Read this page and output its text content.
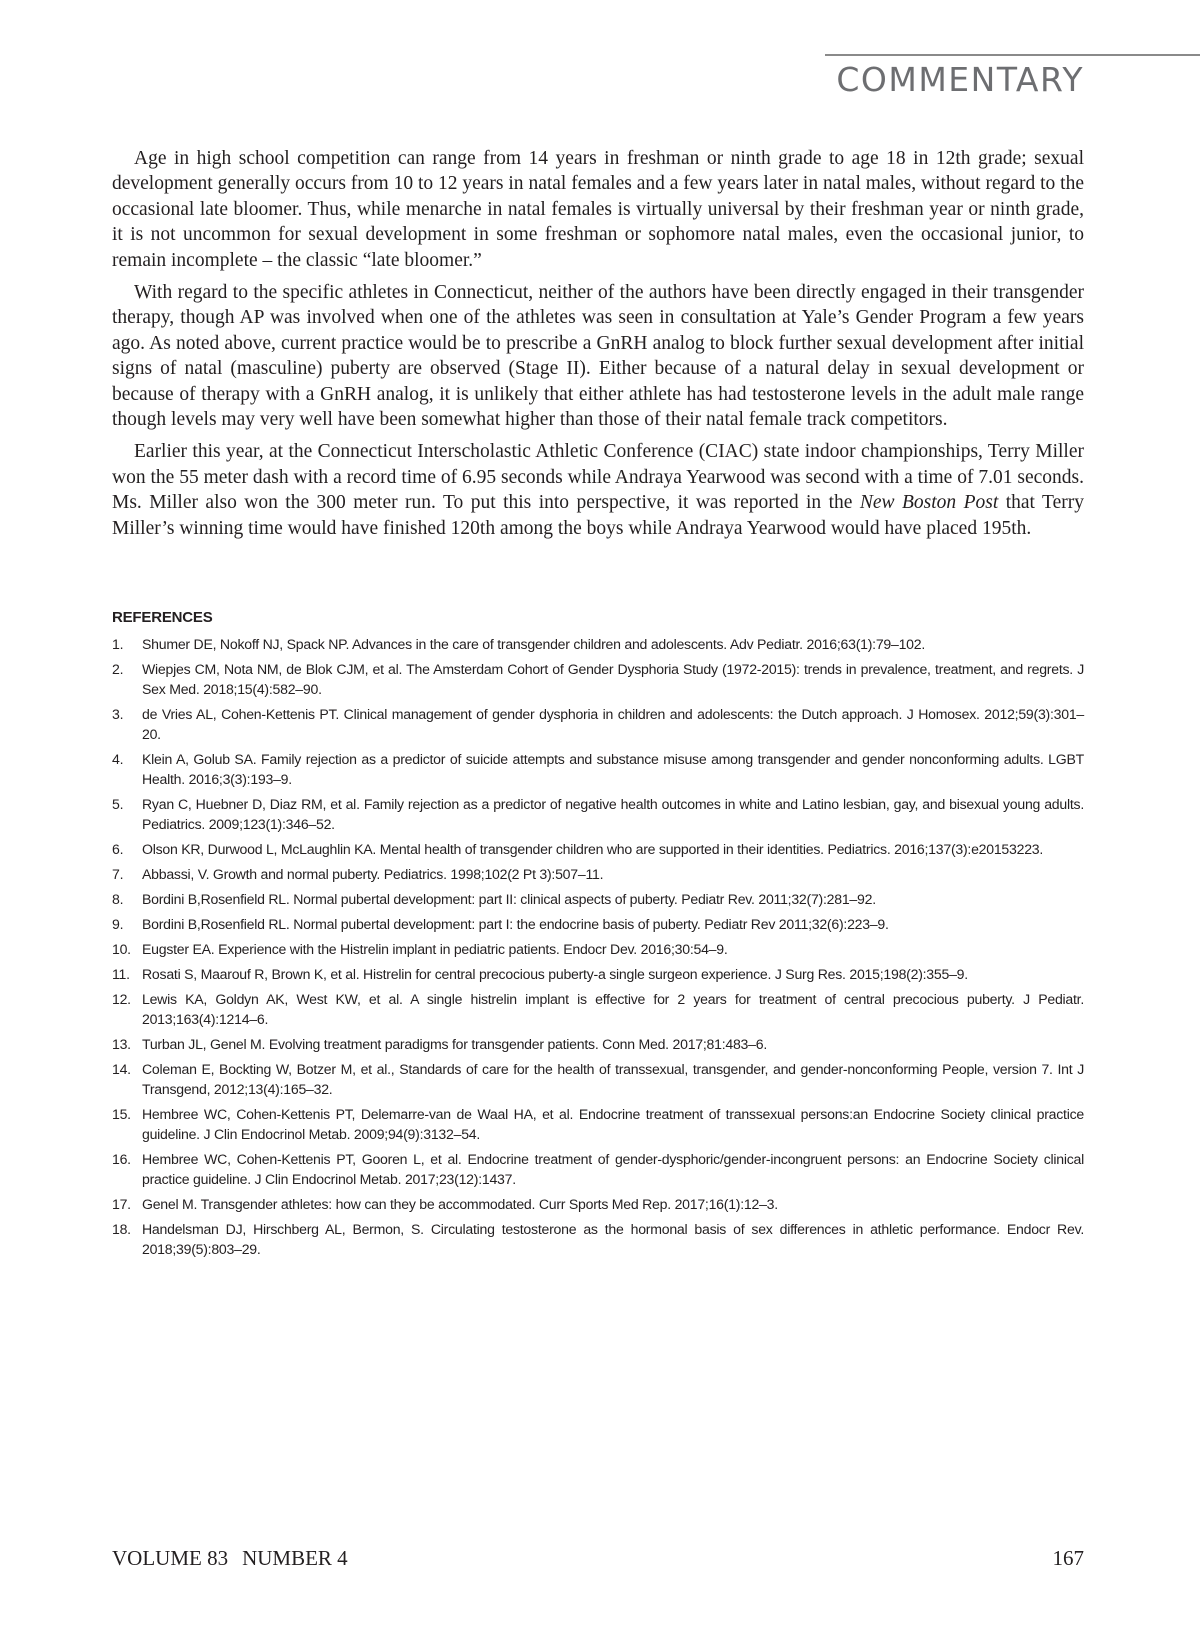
COMMENTARY

Age in high school competition can range from 14 years in freshman or ninth grade to age 18 in 12th grade; sexual development generally occurs from 10 to 12 years in natal females and a few years later in natal males, without regard to the occasional late bloomer. Thus, while menarche in natal females is virtually universal by their freshman year or ninth grade, it is not uncommon for sexual development in some freshman or sophomore natal males, even the occasional junior, to remain incomplete – the classic “late bloomer.”

With regard to the specific athletes in Connecticut, neither of the authors have been directly engaged in their transgender therapy, though AP was involved when one of the athletes was seen in consultation at Yale’s Gender Program a few years ago. As noted above, current practice would be to prescribe a GnRH analog to block further sexual development after initial signs of natal (masculine) puberty are observed (Stage II). Either because of a natural delay in sexual development or because of therapy with a GnRH analog, it is unlikely that either athlete has had testosterone levels in the adult male range though levels may very well have been somewhat higher than those of their natal female track competitors.

Earlier this year, at the Connecticut Interscholastic Athletic Conference (CIAC) state indoor championships, Terry Miller won the 55 meter dash with a record time of 6.95 seconds while Andraya Yearwood was second with a time of 7.01 seconds. Ms. Miller also won the 300 meter run. To put this into perspective, it was reported in the New Boston Post that Terry Miller’s winning time would have finished 120th among the boys while Andraya Yearwood would have placed 195th.

REFERENCES
1.	Shumer DE, Nokoff NJ, Spack NP. Advances in the care of transgender children and adolescents. Adv Pediatr. 2016;63(1):79–102.
2.	Wiepjes CM, Nota NM, de Blok CJM, et al. The Amsterdam Cohort of Gender Dysphoria Study (1972-2015): trends in prevalence, treatment, and regrets. J Sex Med. 2018;15(4):582–90.
3.	de Vries AL, Cohen-Kettenis PT. Clinical management of gender dysphoria in children and adolescents: the Dutch approach. J Homosex. 2012;59(3):301–20.
4.	Klein A, Golub SA. Family rejection as a predictor of suicide attempts and substance misuse among transgender and gender nonconforming adults. LGBT Health. 2016;3(3):193–9.
5.	Ryan C, Huebner D, Diaz RM, et al. Family rejection as a predictor of negative health outcomes in white and Latino lesbian, gay, and bisexual young adults. Pediatrics. 2009;123(1):346–52.
6.	Olson KR, Durwood L, McLaughlin KA. Mental health of transgender children who are supported in their identities. Pediatrics. 2016;137(3):e20153223.
7.	Abbassi, V. Growth and normal puberty. Pediatrics. 1998;102(2 Pt 3):507–11.
8.	Bordini B,Rosenfield RL. Normal pubertal development: part II: clinical aspects of puberty. Pediatr Rev. 2011;32(7):281–92.
9.	Bordini B,Rosenfield RL. Normal pubertal development: part I: the endocrine basis of puberty. Pediatr Rev 2011;32(6):223–9.
10. Eugster EA. Experience with the Histrelin implant in pediatric patients. Endocr Dev. 2016;30:54–9.
11. Rosati S, Maarouf R, Brown K, et al. Histrelin for central precocious puberty-a single surgeon experience. J Surg Res. 2015;198(2):355–9.
12. Lewis KA, Goldyn AK, West KW, et al. A single histrelin implant is effective for 2 years for treatment of central precocious puberty. J Pediatr. 2013;163(4):1214–6.
13. Turban JL, Genel M. Evolving treatment paradigms for transgender patients. Conn Med. 2017;81:483–6.
14. Coleman E, Bockting W, Botzer M, et al., Standards of care for the health of transsexual, transgender, and gender-nonconforming People, version 7. Int J Transgend, 2012;13(4):165–32.
15. Hembree WC, Cohen-Kettenis PT, Delemarre-van de Waal HA, et al. Endocrine treatment of transsexual persons:an Endocrine Society clinical practice guideline. J Clin Endocrinol Metab. 2009;94(9):3132–54.
16. Hembree WC, Cohen-Kettenis PT, Gooren L, et al. Endocrine treatment of gender-dysphoric/gender-incongruent persons: an Endocrine Society clinical practice guideline. J Clin Endocrinol Metab. 2017;23(12):1437.
17. Genel M. Transgender athletes: how can they be accommodated. Curr Sports Med Rep. 2017;16(1):12–3.
18. Handelsman DJ, Hirschberg AL, Bermon, S. Circulating testosterone as the hormonal basis of sex differences in athletic performance. Endocr Rev. 2018;39(5):803–29.
VOLUME 83 NUMBER 4	167
